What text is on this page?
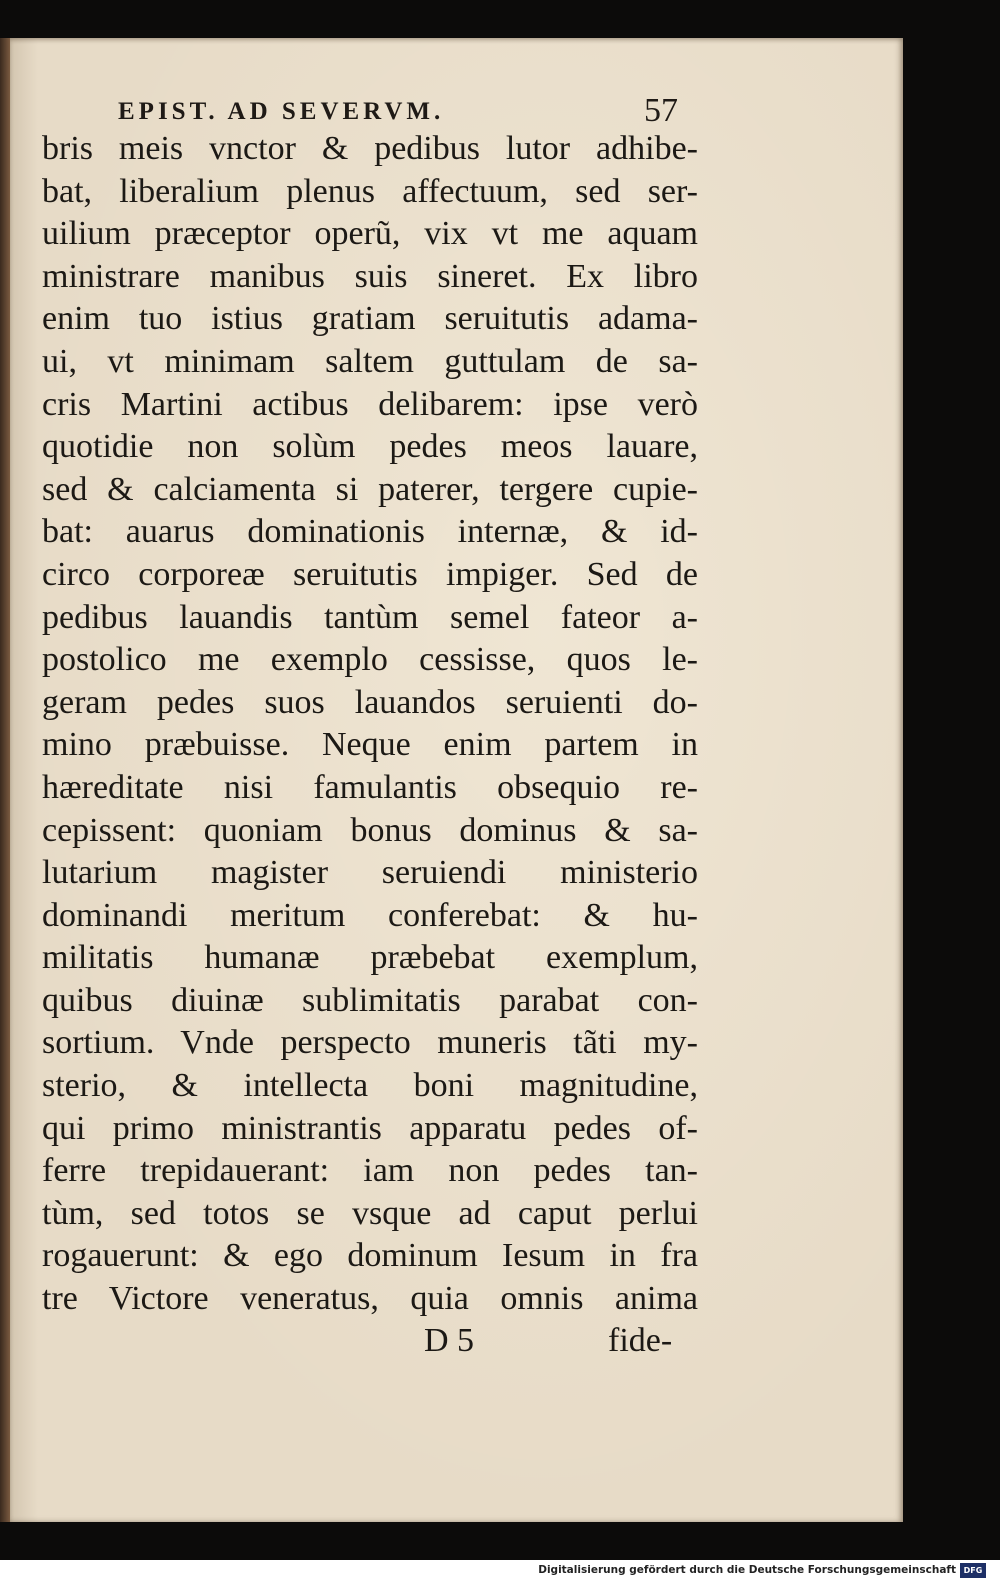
EPIST. AD SEVERVM.	57
bris meis vnctor & pedibus lutor adhibe-
bat, liberalium plenus affectuum, sed ser-
uilium præceptor operũ, vix vt me aquam
ministrare manibus suis sineret. Ex libro
enim tuo istius gratiam seruitutis adama-
ui, vt minimam saltem guttulam de sa-
cris Martini actibus delibarem: ipse verò
quotidie non solùm pedes meos lauare,
sed & calciamenta si paterer, tergere cupie-
bat: auarus dominationis internæ, & id-
circo corporeæ seruitutis impiger. Sed de
pedibus lauandis tantùm semel fateor a-
postolico me exemplo cessisse, quos le-
geram pedes suos lauandos seruienti do-
mino præbuisse. Neque enim partem in
hæreditate nisi famulantis obsequio re-
cepissent: quoniam bonus dominus & sa-
lutarium magister seruiendi ministerio
dominandi meritum conferebat: & hu-
militatis humanæ præbebat exemplum,
quibus diuinæ sublimitatis parabat con-
sortium. Vnde perspecto muneris tãti my-
sterio, & intellecta boni magnitudine,
qui primo ministrantis apparatu pedes of-
ferre trepidauerant: iam non pedes tan-
tùm, sed totos se vsque ad caput perlui
rogauerunt: & ego dominum Iesum in fra
tre Victore veneratus, quia omnis anima
D 5	fide-
Digitalisierung gefördert durch die Deutsche Forschungsgemeinschaft DFG
